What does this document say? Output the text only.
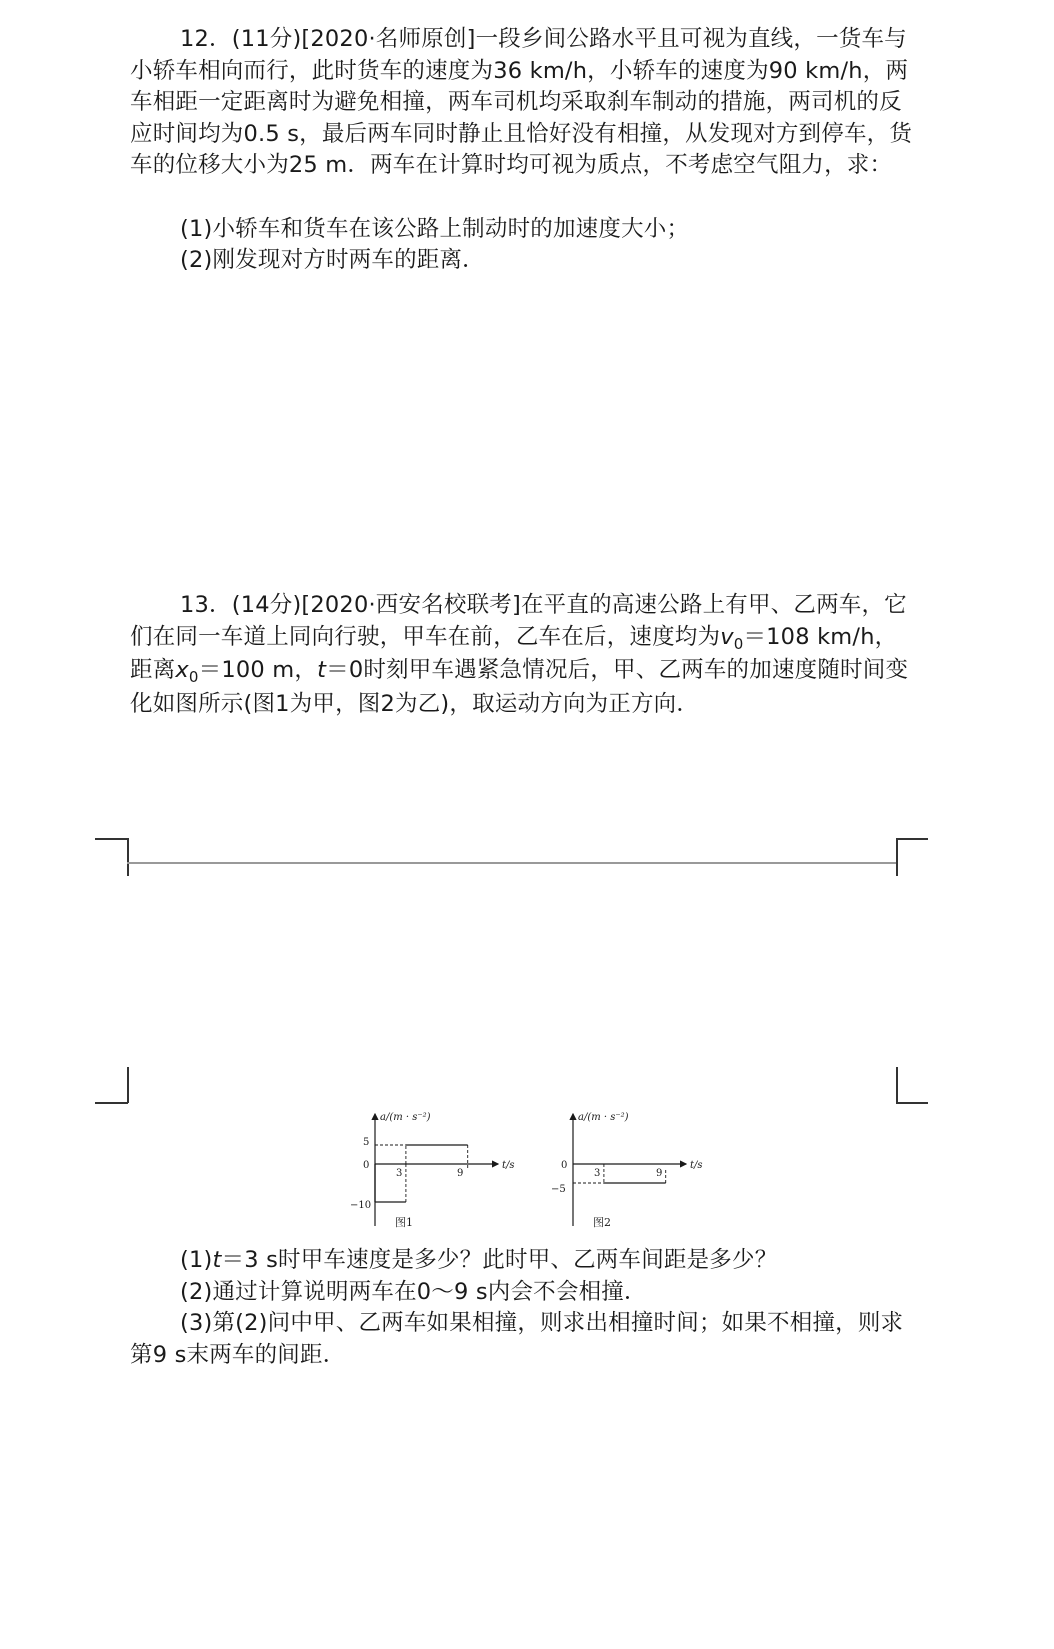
12．(11分)[2020·名师原创]一段乡间公路水平且可视为直线，一货车与小轿车相向而行，此时货车的速度为36 km/h，小轿车的速度为90 km/h，两车相距一定距离时为避免相撞，两车司机均采取刹车制动的措施，两司机的反应时间均为0.5 s，最后两车同时静止且恰好没有相撞，从发现对方到停车，货车的位移大小为25 m．两车在计算时均可视为质点，不考虑空气阻力，求：

(1)小轿车和货车在该公路上制动时的加速度大小；

(2)刚发现对方时两车的距离．

13．(14分)[2020·西安名校联考]在平直的高速公路上有甲、乙两车，它们在同一车道上同向行驶，甲车在前，乙车在后，速度均为$v_0=108$ km/h，距离$x_0=100$ m，t＝0时刻甲车遇紧急情况后，甲、乙两车的加速度随时间变化如图所示(图1为甲，图2为乙)，取运动方向为正方向．

a/(m · s⁻²)
t/s
5
0
−10
3	9
图1
a/(m · s⁻²)
t/s
0
−5
3	9
图2

(1)t＝3 s时甲车速度是多少？此时甲、乙两车间距是多少？

(2)通过计算说明两车在0～9 s内会不会相撞．

(3)第(2)问中甲、乙两车如果相撞，则求出相撞时间；如果不相撞，则求第9 s末两车的间距．
